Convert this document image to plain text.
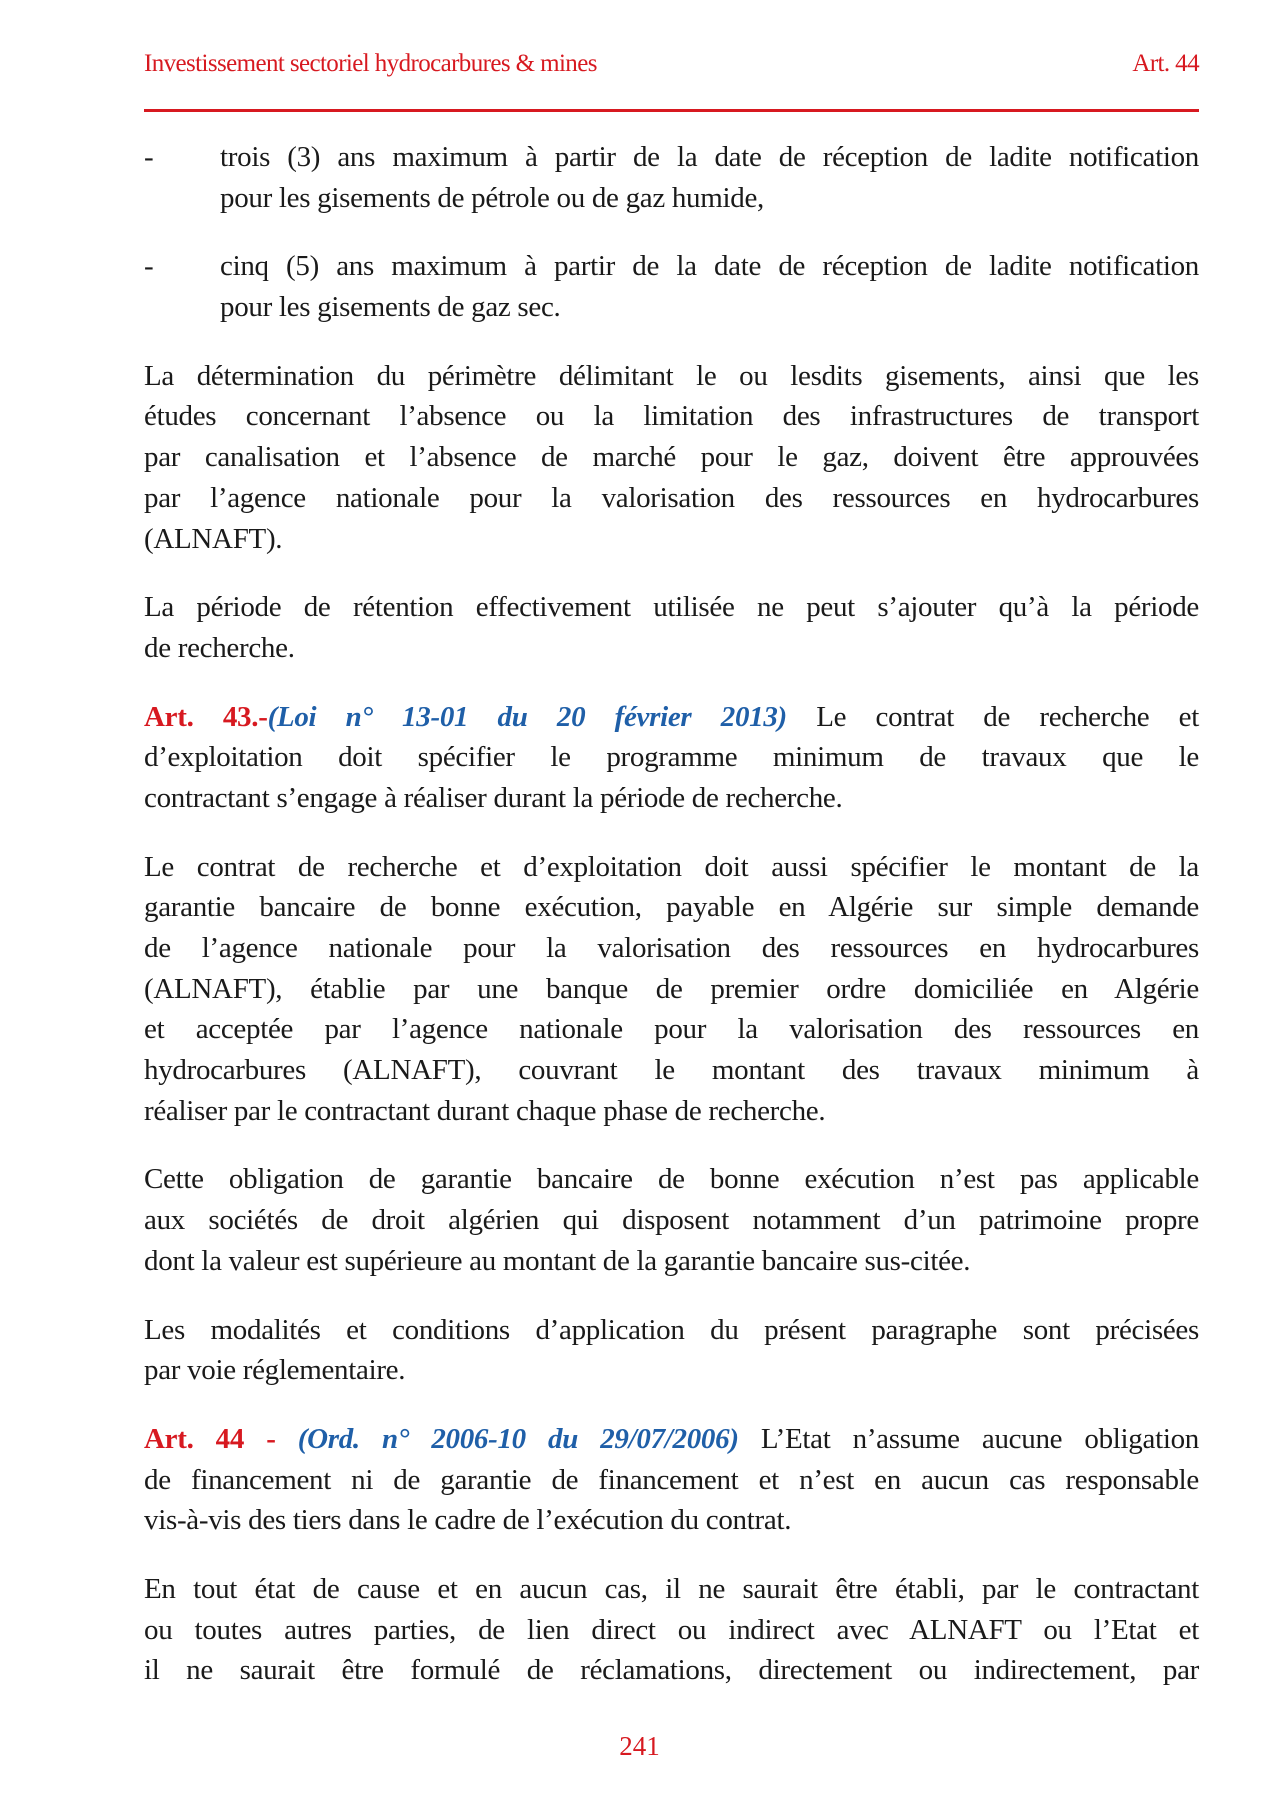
Investissement sectoriel hydrocarbures & mines	Art. 44
- trois (3) ans maximum à partir de la date de réception de ladite notification
pour les gisements de pétrole ou de gaz humide,
- cinq (5) ans maximum à partir de la date de réception de ladite notification
pour les gisements de gaz sec.
La détermination du périmètre délimitant le ou lesdits gisements, ainsi que les
études concernant l’absence ou la limitation des infrastructures de transport
par canalisation et l’absence de marché pour le gaz, doivent être approuvées
par l’agence nationale pour la valorisation des ressources en hydrocarbures
(ALNAFT).
La période de rétention effectivement utilisée ne peut s’ajouter qu’à la période
de recherche.
Art. 43.-(Loi n° 13-01 du 20 février 2013) Le contrat de recherche et
d’exploitation doit spécifier le programme minimum de travaux que le
contractant s’engage à réaliser durant la période de recherche.
Le contrat de recherche et d’exploitation doit aussi spécifier le montant de la
garantie bancaire de bonne exécution, payable en Algérie sur simple demande
de l’agence nationale pour la valorisation des ressources en hydrocarbures
(ALNAFT), établie par une banque de premier ordre domiciliée en Algérie
et acceptée par l’agence nationale pour la valorisation des ressources en
hydrocarbures (ALNAFT), couvrant le montant des travaux minimum à
réaliser par le contractant durant chaque phase de recherche.
Cette obligation de garantie bancaire de bonne exécution n’est pas applicable
aux sociétés de droit algérien qui disposent notamment d’un patrimoine propre
dont la valeur est supérieure au montant de la garantie bancaire sus-citée.
Les modalités et conditions d’application du présent paragraphe sont précisées
par voie réglementaire.
Art. 44 - (Ord. n° 2006-10 du 29/07/2006) L’Etat n’assume aucune obligation
de financement ni de garantie de financement et n’est en aucun cas responsable
vis-à-vis des tiers dans le cadre de l’exécution du contrat.
En tout état de cause et en aucun cas, il ne saurait être établi, par le contractant
ou toutes autres parties, de lien direct ou indirect avec ALNAFT ou l’Etat et
il ne saurait être formulé de réclamations, directement ou indirectement, par
241
